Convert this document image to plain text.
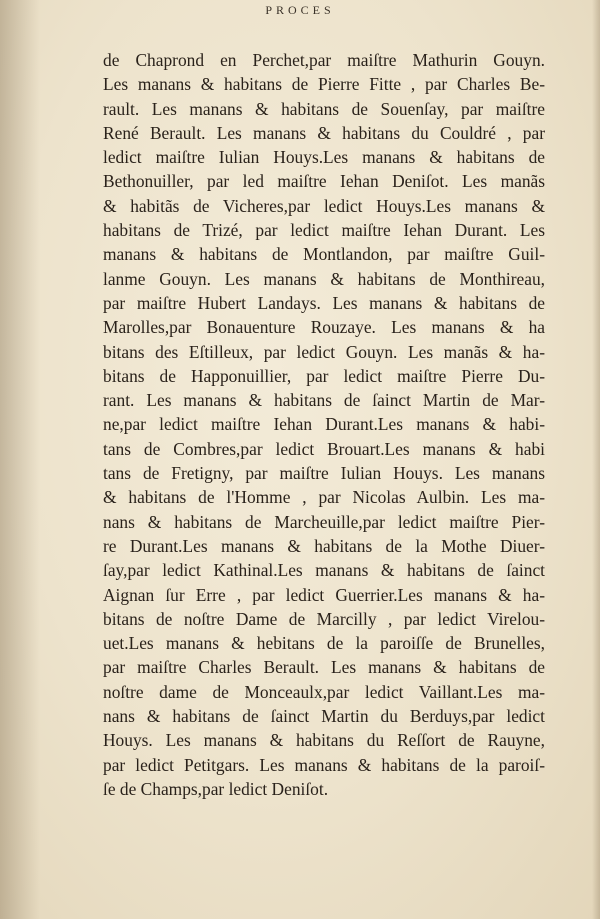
PROCES
de Chaprond en Perchet,par maiſtre Mathurin Gouyn.
Les manans & habitans de Pierre Fitte , par Charles Be-
rault. Les manans & habitans de Souenſay, par maiſtre
René Berault. Les manans & habitans du Couldré , par
ledict maiſtre Iulian Houys.Les manans & habitans de
Bethonuiller, par led maiſtre Iehan Deniſot. Les manãs
& habitãs de Vicheres,par ledict Houys.Les manans &
habitans de Trizé, par ledict maiſtre Iehan Durant. Les
manans & habitans de Montlandon, par maiſtre Guil-
lanme Gouyn. Les manans & habitans de Monthireau,
par maiſtre Hubert Landays. Les manans & habitans de
Marolles,par Bonauenture Rouzaye. Les manans & ha
bitans des Eſtilleux, par ledict Gouyn. Les manãs & ha-
bitans de Happonuillier, par ledict maiſtre Pierre Du-
rant. Les manans & habitans de ſainct Martin de Mar-
ne,par ledict maiſtre Iehan Durant.Les manans & habi-
tans de Combres,par ledict Brouart.Les manans & habi
tans de Fretigny, par maiſtre Iulian Houys. Les manans
& habitans de l'Homme , par Nicolas Aulbin. Les ma-
nans & habitans de Marcheuille,par ledict maiſtre Pier-
re Durant.Les manans & habitans de la Mothe Diuer-
ſay,par ledict Kathinal.Les manans & habitans de ſainct
Aignan ſur Erre , par ledict Guerrier.Les manans & ha-
bitans de noſtre Dame de Marcilly , par ledict Virelou-
uet.Les manans & hebitans de la paroiſſe de Brunelles,
par maiſtre Charles Berault. Les manans & habitans de
noſtre dame de Monceaulx,par ledict Vaillant.Les ma-
nans & habitans de ſainct Martin du Berduys,par ledict
Houys. Les manans & habitans du Reſſort de Rauyne,
par ledict Petitgars. Les manans & habitans de la paroiſ-
ſe de Champs,par ledict Deniſot.
